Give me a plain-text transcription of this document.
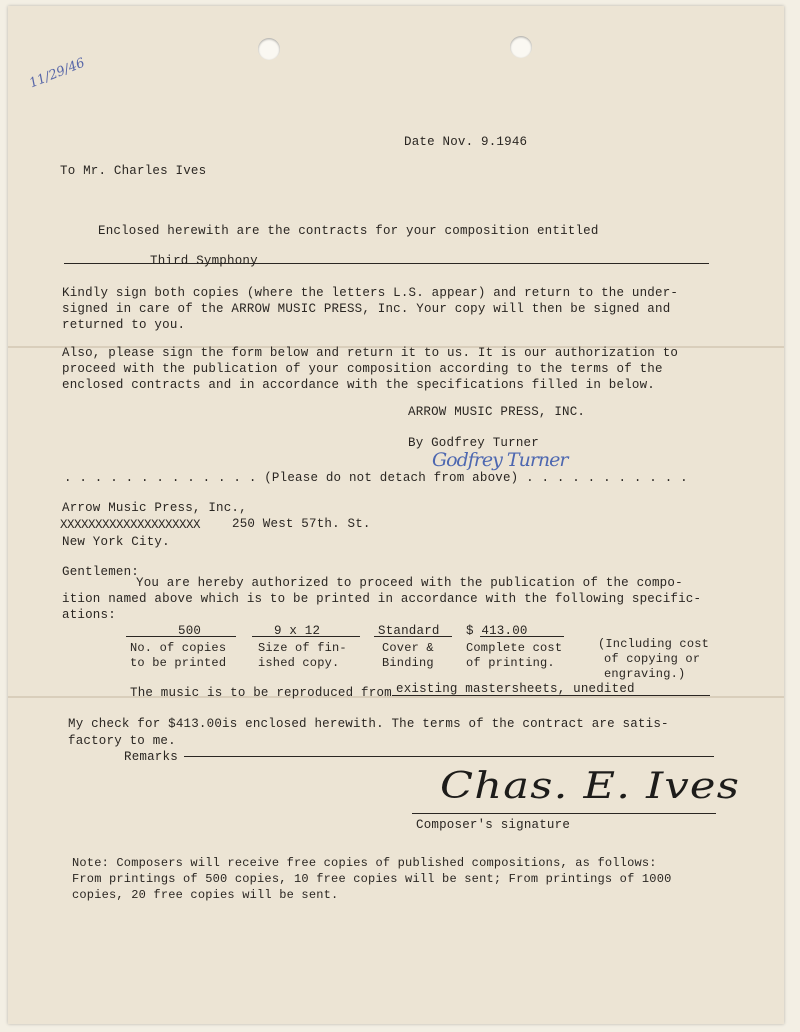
11/29/46
Date Nov. 9.1946
To Mr. Charles Ives
Enclosed herewith are the contracts for your composition entitled
Third Symphony
Kindly sign both copies (where the letters L.S. appear) and return to the under-
signed in care of the ARROW MUSIC PRESS, Inc. Your copy will then be signed and
returned to you.
Also, please sign the form below and return it to us. It is our authorization to
proceed with the publication of your composition according to the terms of the
enclosed contracts and in accordance with the specifications filled in below.
ARROW MUSIC PRESS, INC.
By Godfrey Turner
Godfrey Turner
. . . . . . . . . . . . . (Please do not detach from above) . . . . . . . . . . .
Arrow Music Press, Inc.,
XXXXXXXXXXXXXXXXXXXX	250 West 57th. St.
New York City.
Gentlemen:
You are hereby authorized to proceed with the publication of the compo-
ition named above which is to be printed in accordance with the following specific-
ations:
500
No. of copies
to be printed
9 x 12
Size of fin-
ished copy.
Standard
Cover &
Binding
$ 413.00
Complete cost
of printing.
(Including cost
of copying or
engraving.)
The music is to be reproduced from existing mastersheets, unedited
My check for $413.00is enclosed herewith. The terms of the contract are satis-
factory to me.
Remarks
Chas. E. Ives
Composer's signature
Note: Composers will receive free copies of published compositions, as follows:
From printings of 500 copies, 10 free copies will be sent; From printings of 1000
copies, 20 free copies will be sent.
